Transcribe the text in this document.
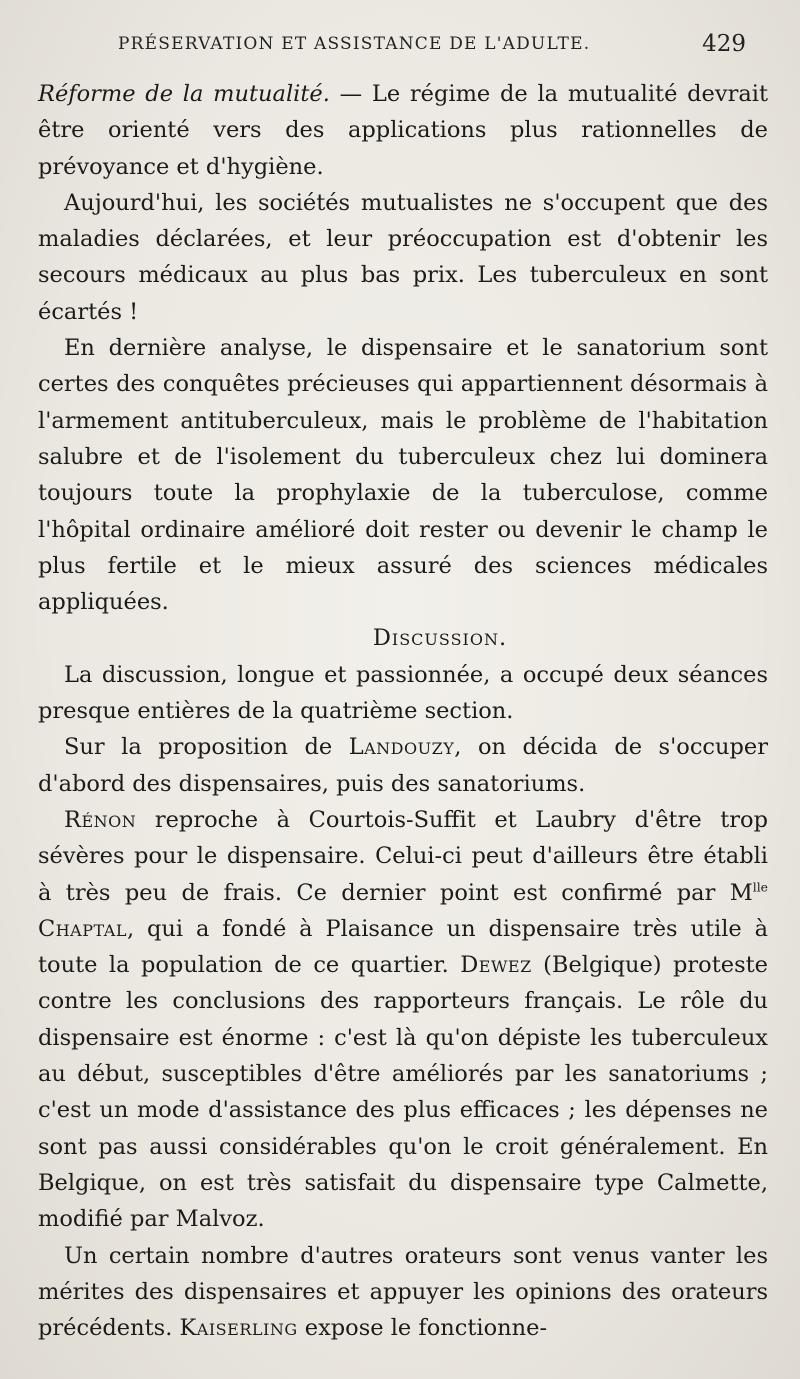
PRÉSERVATION ET ASSISTANCE DE L'ADULTE.	429

Réforme de la mutualité. — Le régime de la mutualité devrait être orienté vers des applications plus rationnelles de prévoyance et d'hygiène.

Aujourd'hui, les sociétés mutualistes ne s'occupent que des maladies déclarées, et leur préoccupation est d'obtenir les secours médicaux au plus bas prix. Les tuberculeux en sont écartés !

En dernière analyse, le dispensaire et le sanatorium sont certes des conquêtes précieuses qui appartiennent désormais à l'armement antituberculeux, mais le problème de l'habitation salubre et de l'isolement du tuberculeux chez lui dominera toujours toute la prophylaxie de la tuberculose, comme l'hôpital ordinaire amélioré doit rester ou devenir le champ le plus fertile et le mieux assuré des sciences médicales appliquées.

Discussion.

La discussion, longue et passionnée, a occupé deux séances presque entières de la quatrième section.

Sur la proposition de Landouzy, on décida de s'occuper d'abord des dispensaires, puis des sanatoriums.

Rénon reproche à Courtois-Suffit et Laubry d'être trop sévères pour le dispensaire. Celui-ci peut d'ailleurs être établi à très peu de frais. Ce dernier point est confirmé par $M^{lle}$ Chaptal, qui a fondé à Plaisance un dispensaire très utile à toute la population de ce quartier. Dewez (Belgique) proteste contre les conclusions des rapporteurs français. Le rôle du dispensaire est énorme : c'est là qu'on dépiste les tuberculeux au début, susceptibles d'être améliorés par les sanatoriums ; c'est un mode d'assistance des plus efficaces ; les dépenses ne sont pas aussi considérables qu'on le croit généralement. En Belgique, on est très satisfait du dispensaire type Calmette, modifié par Malvoz.

Un certain nombre d'autres orateurs sont venus vanter les mérites des dispensaires et appuyer les opinions des orateurs précédents. Kaiserling expose le fonctionne-
